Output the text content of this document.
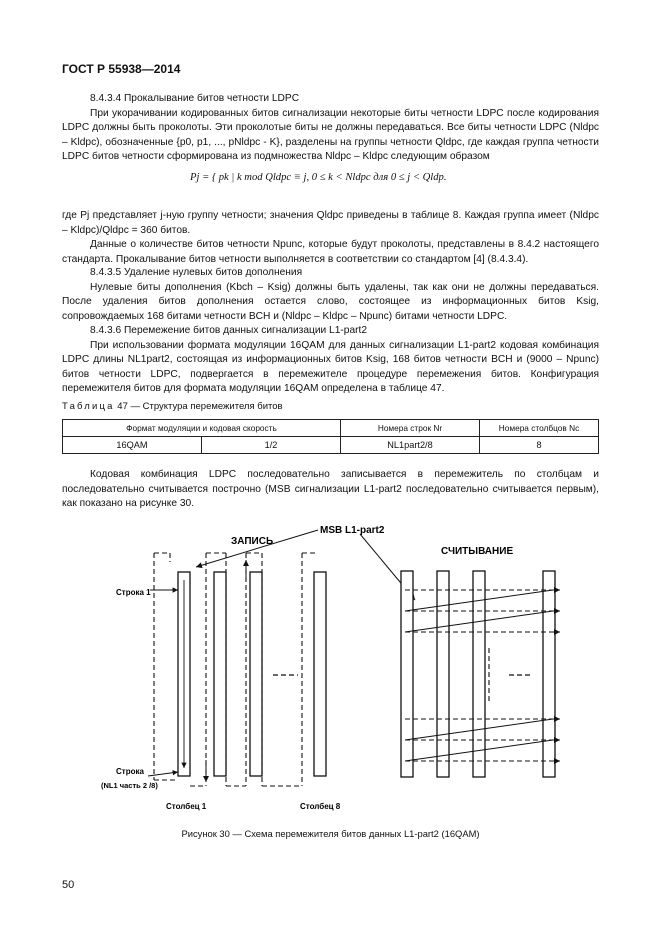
ГОСТ Р 55938—2014

8.4.3.4 Прокалывание битов четности LDPC

При укорачивании кодированных битов сигнализации некоторые биты четности LDPC после кодирования LDPC должны быть проколоты. Эти проколотые биты не должны передаваться. Все биты четности LDPC (Nldpc – Kldpc), обозначенные {p0, p1, ..., pNldpc - K}, разделены на группы четности Qldpc, где каждая группа четности LDPC битов четности сформирована из подмножества Nldpc – Kldpc следующим образом

Pj = { pk | k mod Qldpc ≡ j, 0 ≤ k < Nldpc для 0 ≤ j < Qldp.

где Pj представляет j-ную группу четности; значения Qldpc приведены в таблице 8. Каждая группа имеет (Nldpc – Kldpc)/Qldpc = 360 битов.

Данные о количестве битов четности Npunc, которые будут проколоты, представлены в 8.4.2 настоящего стандарта. Прокалывание битов четности выполняется в соответствии со стандартом [4] (8.4.3.4).

8.4.3.5 Удаление нулевых битов дополнения

Нулевые биты дополнения (Kbch – Ksig) должны быть удалены, так как они не должны передаваться. После удаления битов дополнения остается слово, состоящее из информационных битов Ksig, сопровождаемых 168 битами четности BCH и (Nldpc – Kldpc – Npunc) битами четности LDPC.

8.4.3.6 Перемежение битов данных сигнализации L1-part2

При использовании формата модуляции 16QAM для данных сигнализации L1-part2 кодовая комбинация LDPC длины NL1part2, состоящая из информационных битов Ksig, 168 битов четности BCH и (9000 – Npunc) битов четности LDPC, подвергается в перемежителе процедуре перемежения битов. Конфигурация перемежителя битов для формата модуляции 16QAM определена в таблице 47.

Таблица 47 — Структура перемежителя битов
Формат модуляции и кодовая скорость		Номера строк Nr	Номера столбцов Nc
16QAM	1/2	NL1part2/8	8

Кодовая комбинация LDPC последовательно записывается в перемежитель по столбцам и последовательно считывается построчно (MSB сигнализации L1-part2 последовательно считывается первым), как показано на рисунке 30.

ЗАПИСЬ
MSB L1-part2
СЧИТЫВАНИЕ
Строка 1
Строка
(NL1 часть 2 /8)
Столбец 1	Столбец 8
Рисунок 30 — Схема перемежителя битов данных L1-part2 (16QAM)
50
